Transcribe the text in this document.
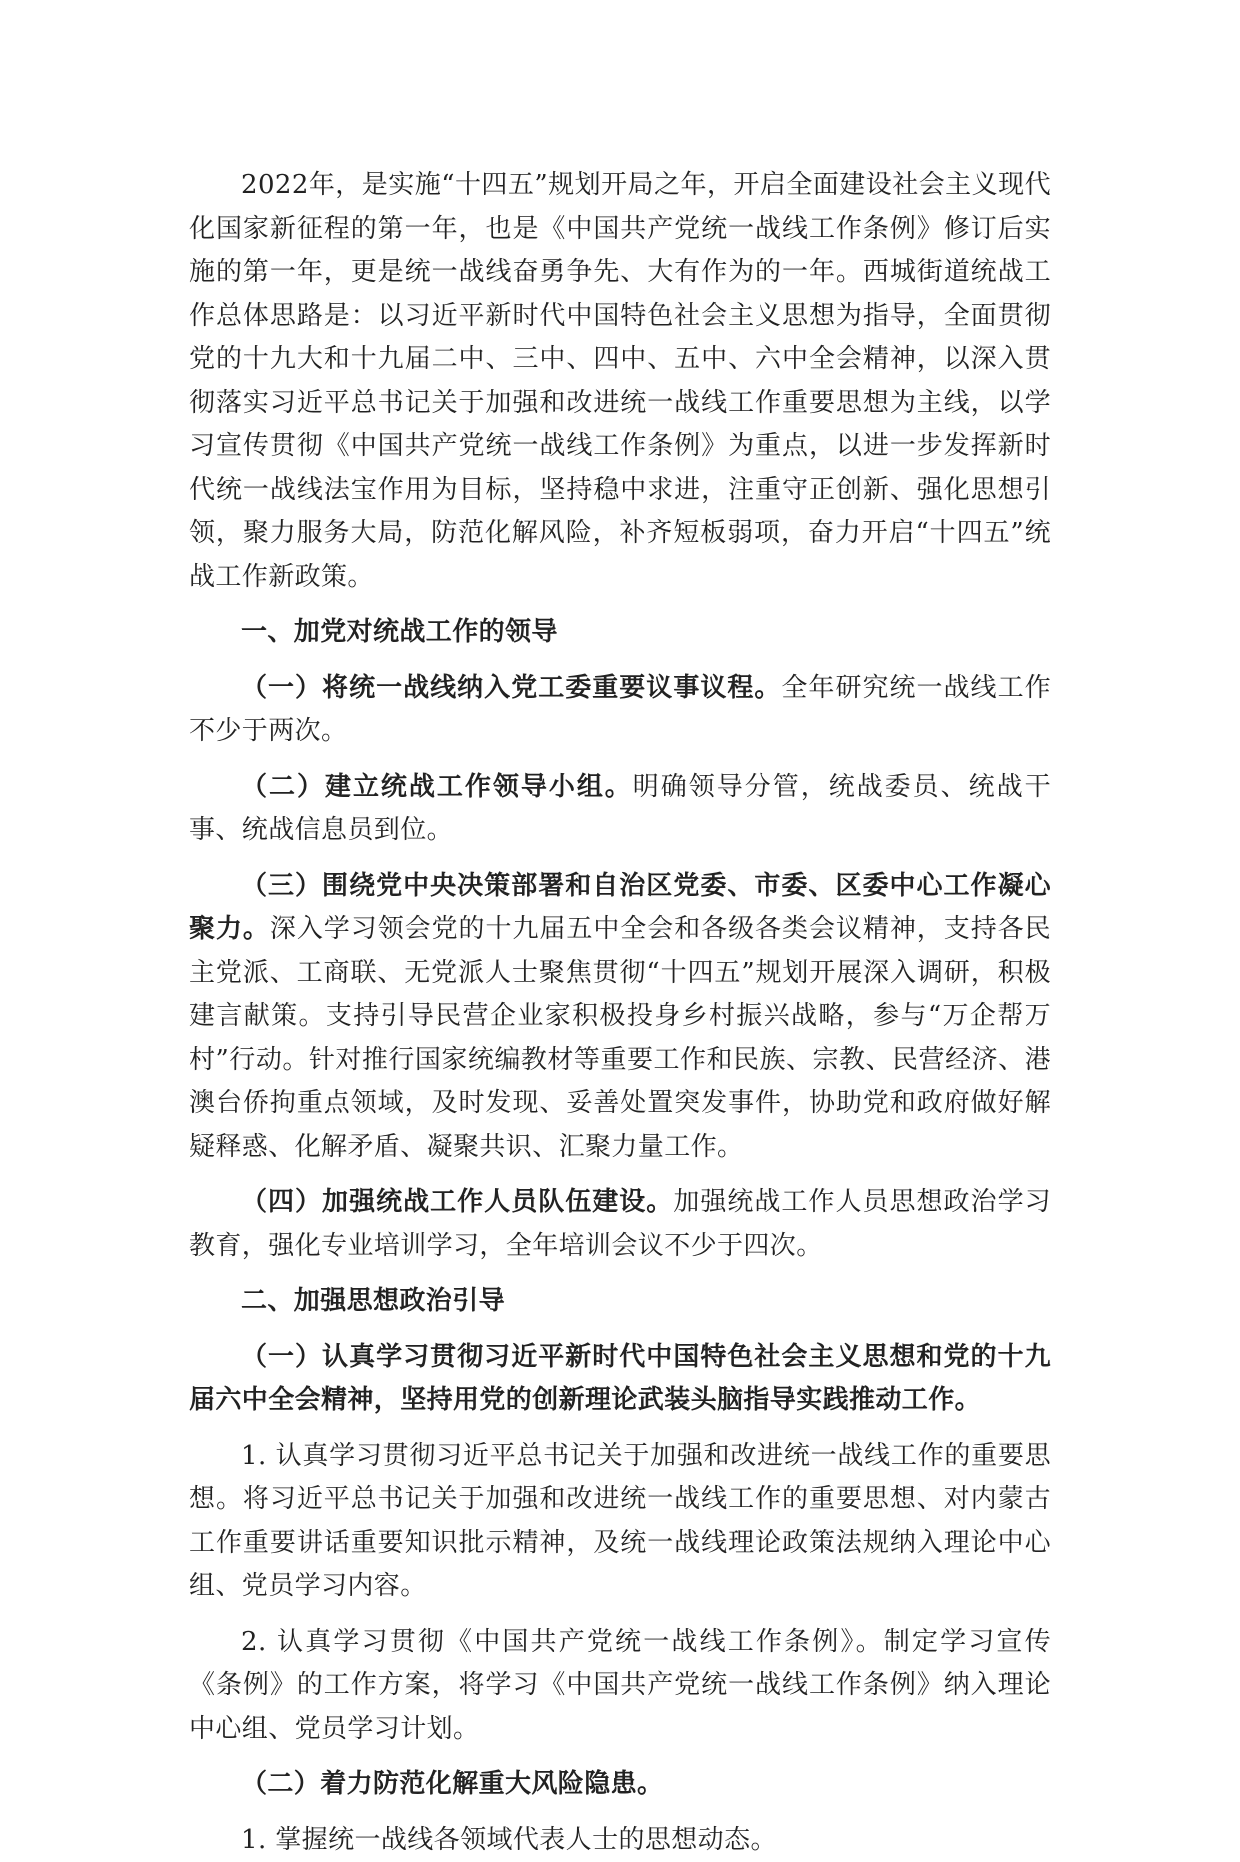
2022年，是实施“十四五”规划开局之年，开启全面建设社会主义现代化国家新征程的第一年，也是《中国共产党统一战线工作条例》修订后实施的第一年，更是统一战线奋勇争先、大有作为的一年。西城街道统战工作总体思路是：以习近平新时代中国特色社会主义思想为指导，全面贯彻党的十九大和十九届二中、三中、四中、五中、六中全会精神，以深入贯彻落实习近平总书记关于加强和改进统一战线工作重要思想为主线，以学习宣传贯彻《中国共产党统一战线工作条例》为重点，以进一步发挥新时代统一战线法宝作用为目标，坚持稳中求进，注重守正创新、强化思想引领，聚力服务大局，防范化解风险，补齐短板弱项，奋力开启“十四五”统战工作新政策。

一、加党对统战工作的领导

（一）将统一战线纳入党工委重要议事议程。全年研究统一战线工作不少于两次。

（二）建立统战工作领导小组。明确领导分管，统战委员、统战干事、统战信息员到位。

（三）围绕党中央决策部署和自治区党委、市委、区委中心工作凝心聚力。深入学习领会党的十九届五中全会和各级各类会议精神，支持各民主党派、工商联、无党派人士聚焦贯彻“十四五”规划开展深入调研，积极建言献策。支持引导民营企业家积极投身乡村振兴战略，参与“万企帮万村”行动。针对推行国家统编教材等重要工作和民族、宗教、民营经济、港澳台侨拘重点领域，及时发现、妥善处置突发事件，协助党和政府做好解疑释惑、化解矛盾、凝聚共识、汇聚力量工作。

（四）加强统战工作人员队伍建设。加强统战工作人员思想政治学习教育，强化专业培训学习，全年培训会议不少于四次。

二、加强思想政治引导

（一）认真学习贯彻习近平新时代中国特色社会主义思想和党的十九届六中全会精神，坚持用党的创新理论武装头脑指导实践推动工作。

1. 认真学习贯彻习近平总书记关于加强和改进统一战线工作的重要思想。将习近平总书记关于加强和改进统一战线工作的重要思想、对内蒙古工作重要讲话重要知识批示精神，及统一战线理论政策法规纳入理论中心组、党员学习内容。

2. 认真学习贯彻《中国共产党统一战线工作条例》。制定学习宣传《条例》的工作方案，将学习《中国共产党统一战线工作条例》纳入理论中心组、党员学习计划。

（二）着力防范化解重大风险隐患。

1. 掌握统一战线各领域代表人士的思想动态。
